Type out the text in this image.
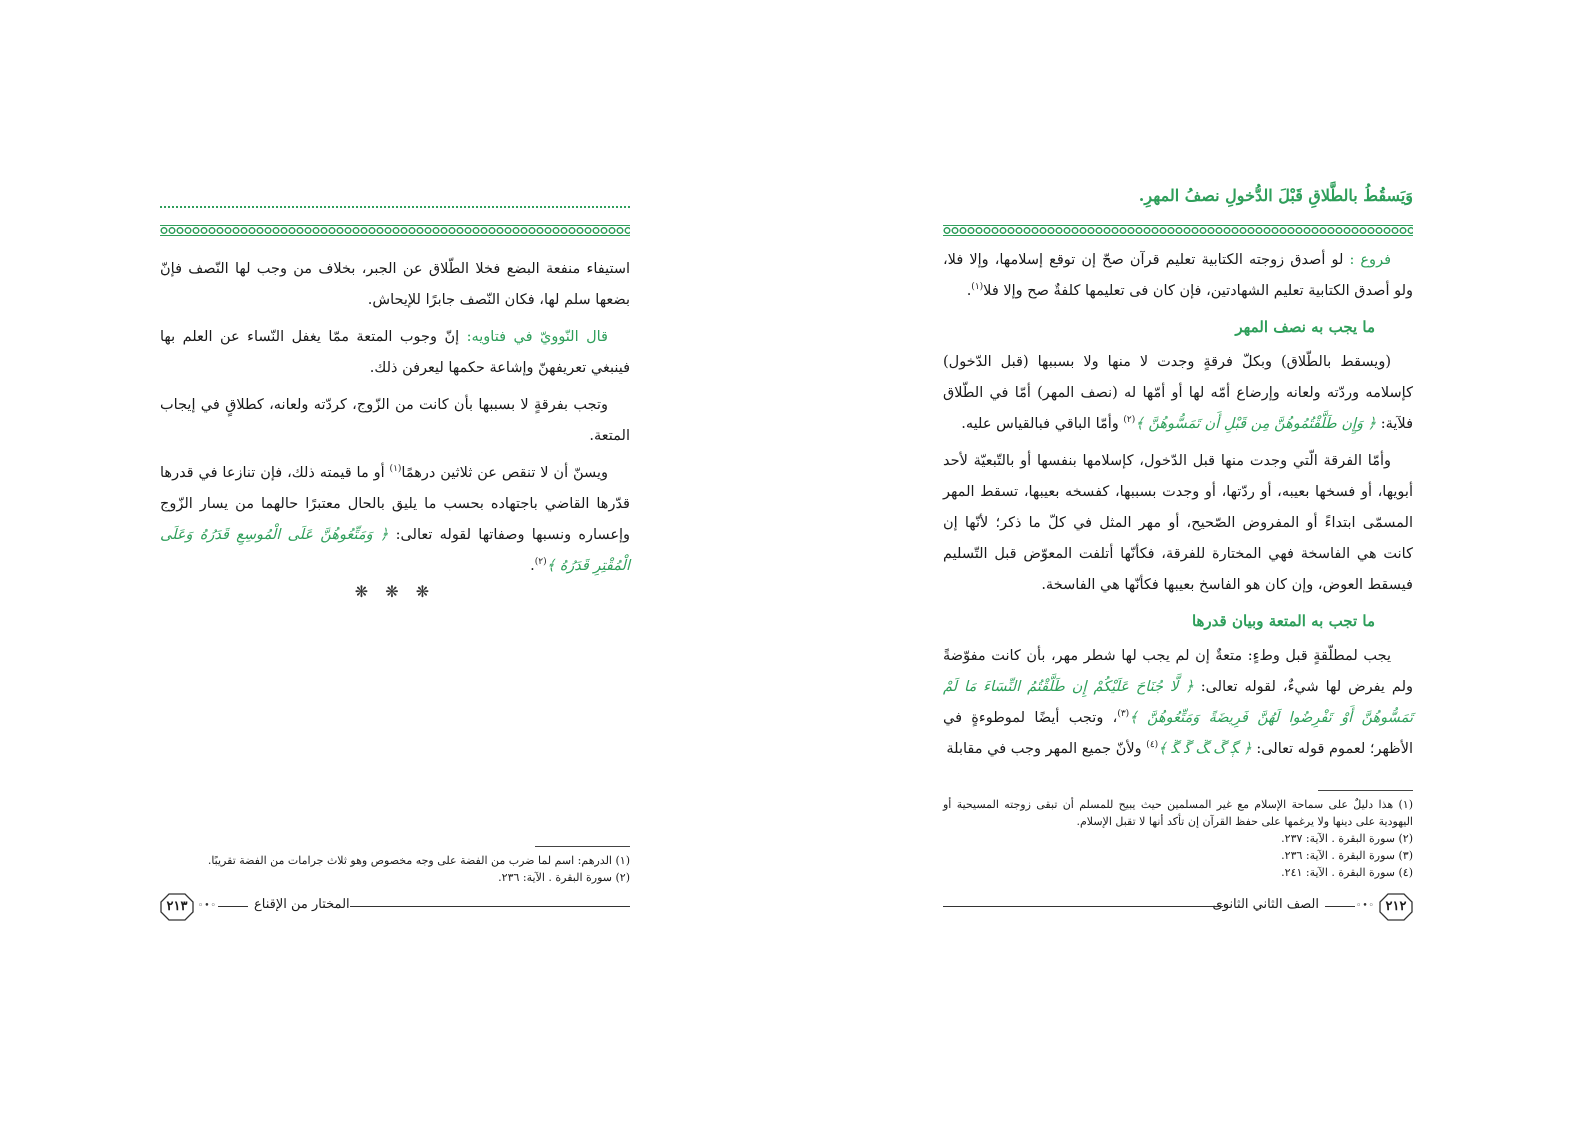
وَيَسقُطُ بالطَّلاقِ قَبْلَ الدُّخولِ نصفُ المهرِ.

فروع : لو أصدق زوجته الكتابية تعليم قرآن صحّ إن توقع إسلامها، وإلا فلا، ولو أصدق الكتابية تعليم الشهادتين، فإن كان فى تعليمها كلفةٌ صح وإلا فلا$^{(١)}$.

ما يجب به نصف المهر

(ويسقط بالطّلاق) وبكلّ فرقةٍ وجدت لا منها ولا بسببها (قبل الدّخول) كإسلامه وردّته ولعانه وإرضاع أمّه لها أو أمّها له (نصف المهر) أمّا في الطّلاق فلآية: ﴿ وَإِن طَلَّقْتُمُوهُنَّ مِن قَبْلِ أَن تَمَسُّوهُنَّ ﴾$^{(٢)}$ وأمّا الباقي فبالقياس عليه.

وأمّا الفرقة الّتي وجدت منها قبل الدّخول، كإسلامها بنفسها أو بالتّبعيّة لأحد أبويها، أو فسخها بعيبه، أو ردّتها، أو وجدت بسببها، كفسخه بعيبها، تسقط المهر المسمّى ابتداءً أو المفروض الصّحيح، أو مهر المثل في كلّ ما ذكر؛ لأنّها إن كانت هي الفاسخة فهي المختارة للفرقة، فكأنّها أتلفت المعوّض قبل التّسليم فيسقط العوض، وإن كان هو الفاسخ بعيبها فكأنّها هي الفاسخة.

ما تجب به المتعة وبيان قدرها

يجب لمطلّقةٍ قبل وطءٍ: متعةٌ إن لم يجب لها شطر مهر، بأن كانت مفوّضةً ولم يفرض لها شيءٌ، لقوله تعالى: ﴿ لَّا جُنَاحَ عَلَيْكُمْ إِن طَلَّقْتُمُ النِّسَاءَ مَا لَمْ تَمَسُّوهُنَّ أَوْ تَفْرِضُوا لَهُنَّ فَرِيضَةً وَمَتِّعُوهُنَّ ﴾$^{(٣)}$، وتجب أيضًا لموطوءةٍ في الأظهر؛ لعموم قوله تعالى: ﴿ ﮙ ﮚ ﮛ ﮜ ﮝ ﴾$^{(٤)}$ ولأنّ جميع المهر وجب في مقابلة

(١) هذا دليلٌ على سماحة الإسلام مع غير المسلمين حيث يبيح للمسلم أن تبقى زوجته المسيحية أو اليهودية على دينها ولا يرغمها على حفظ القرآن إن تأكد أنها لا تقبل الإسلام.
(٢) سورة البقرة . الآية: ٢٣٧.
(٣) سورة البقرة . الآية: ٢٣٦.
(٤) سورة البقرة . الآية: ٢٤١.
٢١٢
◦•◦
الصف الثاني الثانوى

استيفاء منفعة البضع فخلا الطّلاق عن الجبر، بخلاف من وجب لها النّصف فإنّ بضعها سلم لها، فكان النّصف جابرًا للإيحاش.

قال النّوويّ في فتاويه: إنّ وجوب المتعة ممّا يغفل النّساء عن العلم بها فينبغي تعريفهنّ وإشاعة حكمها ليعرفن ذلك.

وتجب بفرقةٍ لا بسببها بأن كانت من الزّوج، كردّته ولعانه، كطلاقٍ في إيجاب المتعة.

ويسنّ أن لا تنقص عن ثلاثين درهمًا$^{(١)}$ أو ما قيمته ذلك، فإن تنازعا في قدرها قدّرها القاضي باجتهاده بحسب ما يليق بالحال معتبرًا حالهما من يسار الزّوج وإعساره ونسبها وصفاتها لقوله تعالى: ﴿ وَمَتِّعُوهُنَّ عَلَى الْمُوسِعِ قَدَرُهُ وَعَلَى الْمُقْتِرِ قَدَرُهُ ﴾$^{(٢)}$.

❋ ❋ ❋
(١) الدرهم: اسم لما ضرب من الفضة على وجه مخصوص وهو ثلاث جرامات من الفضة تقريبًا.
(٢) سورة البقرة . الآية: ٢٣٦.
المختار من الإقناع
◦•◦
٢١٣
